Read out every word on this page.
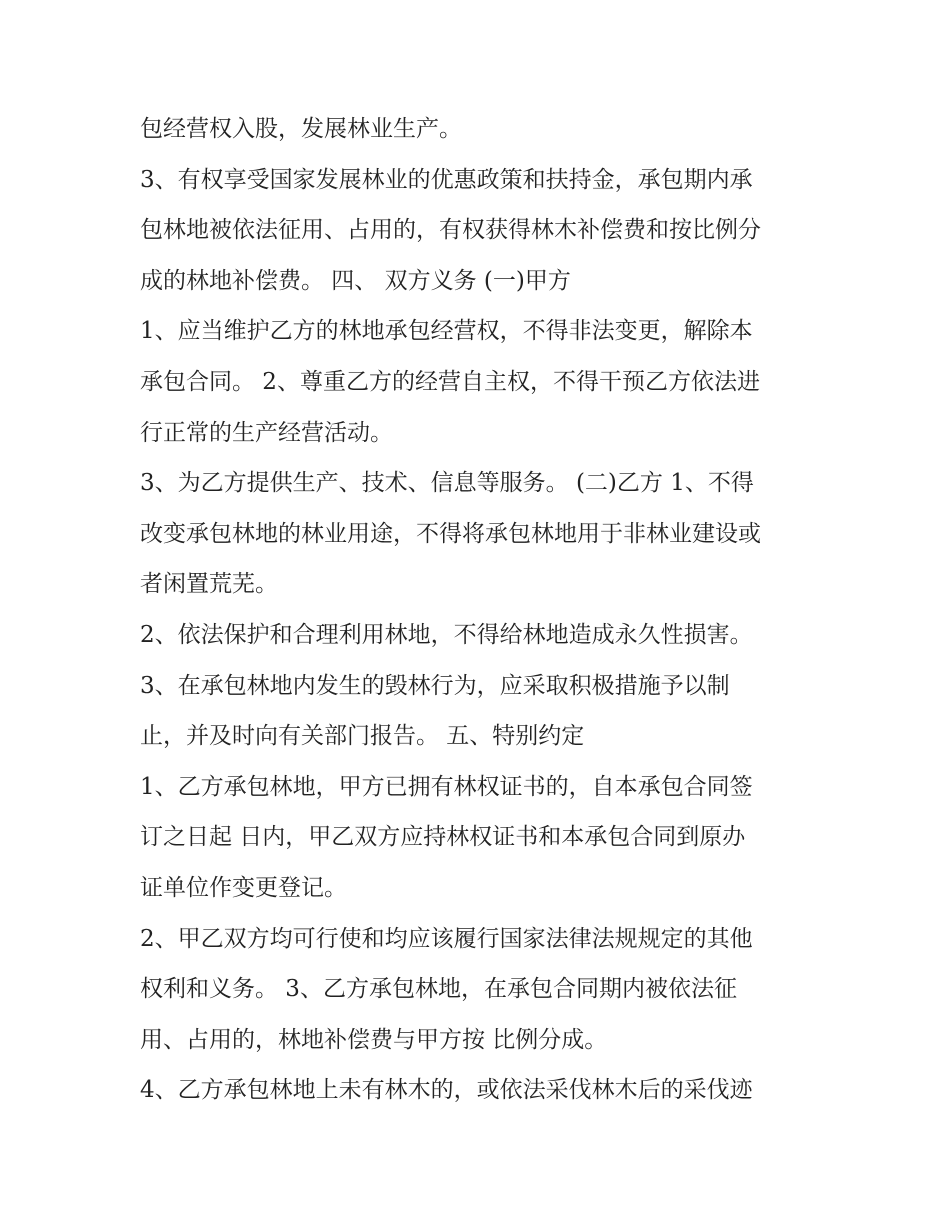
包经营权入股，发展林业生产。
3、有权享受国家发展林业的优惠政策和扶持金，承包期内承
包林地被依法征用、占用的，有权获得林木补偿费和按比例分
成的林地补偿费。 四、 双方义务 (一)甲方
1、应当维护乙方的林地承包经营权，不得非法变更，解除本
承包合同。 2、尊重乙方的经营自主权，不得干预乙方依法进
行正常的生产经营活动。
3、为乙方提供生产、技术、信息等服务。 (二)乙方 1、不得
改变承包林地的林业用途，不得将承包林地用于非林业建设或
者闲置荒芜。
2、依法保护和合理利用林地，不得给林地造成永久性损害。
3、在承包林地内发生的毁林行为，应采取积极措施予以制
止，并及时向有关部门报告。 五、特别约定
1、乙方承包林地，甲方已拥有林权证书的，自本承包合同签
订之日起 日内，甲乙双方应持林权证书和本承包合同到原办
证单位作变更登记。
2、甲乙双方均可行使和均应该履行国家法律法规规定的其他
权利和义务。 3、乙方承包林地，在承包合同期内被依法征
用、占用的，林地补偿费与甲方按 比例分成。
4、乙方承包林地上未有林木的，或依法采伐林木后的采伐迹
